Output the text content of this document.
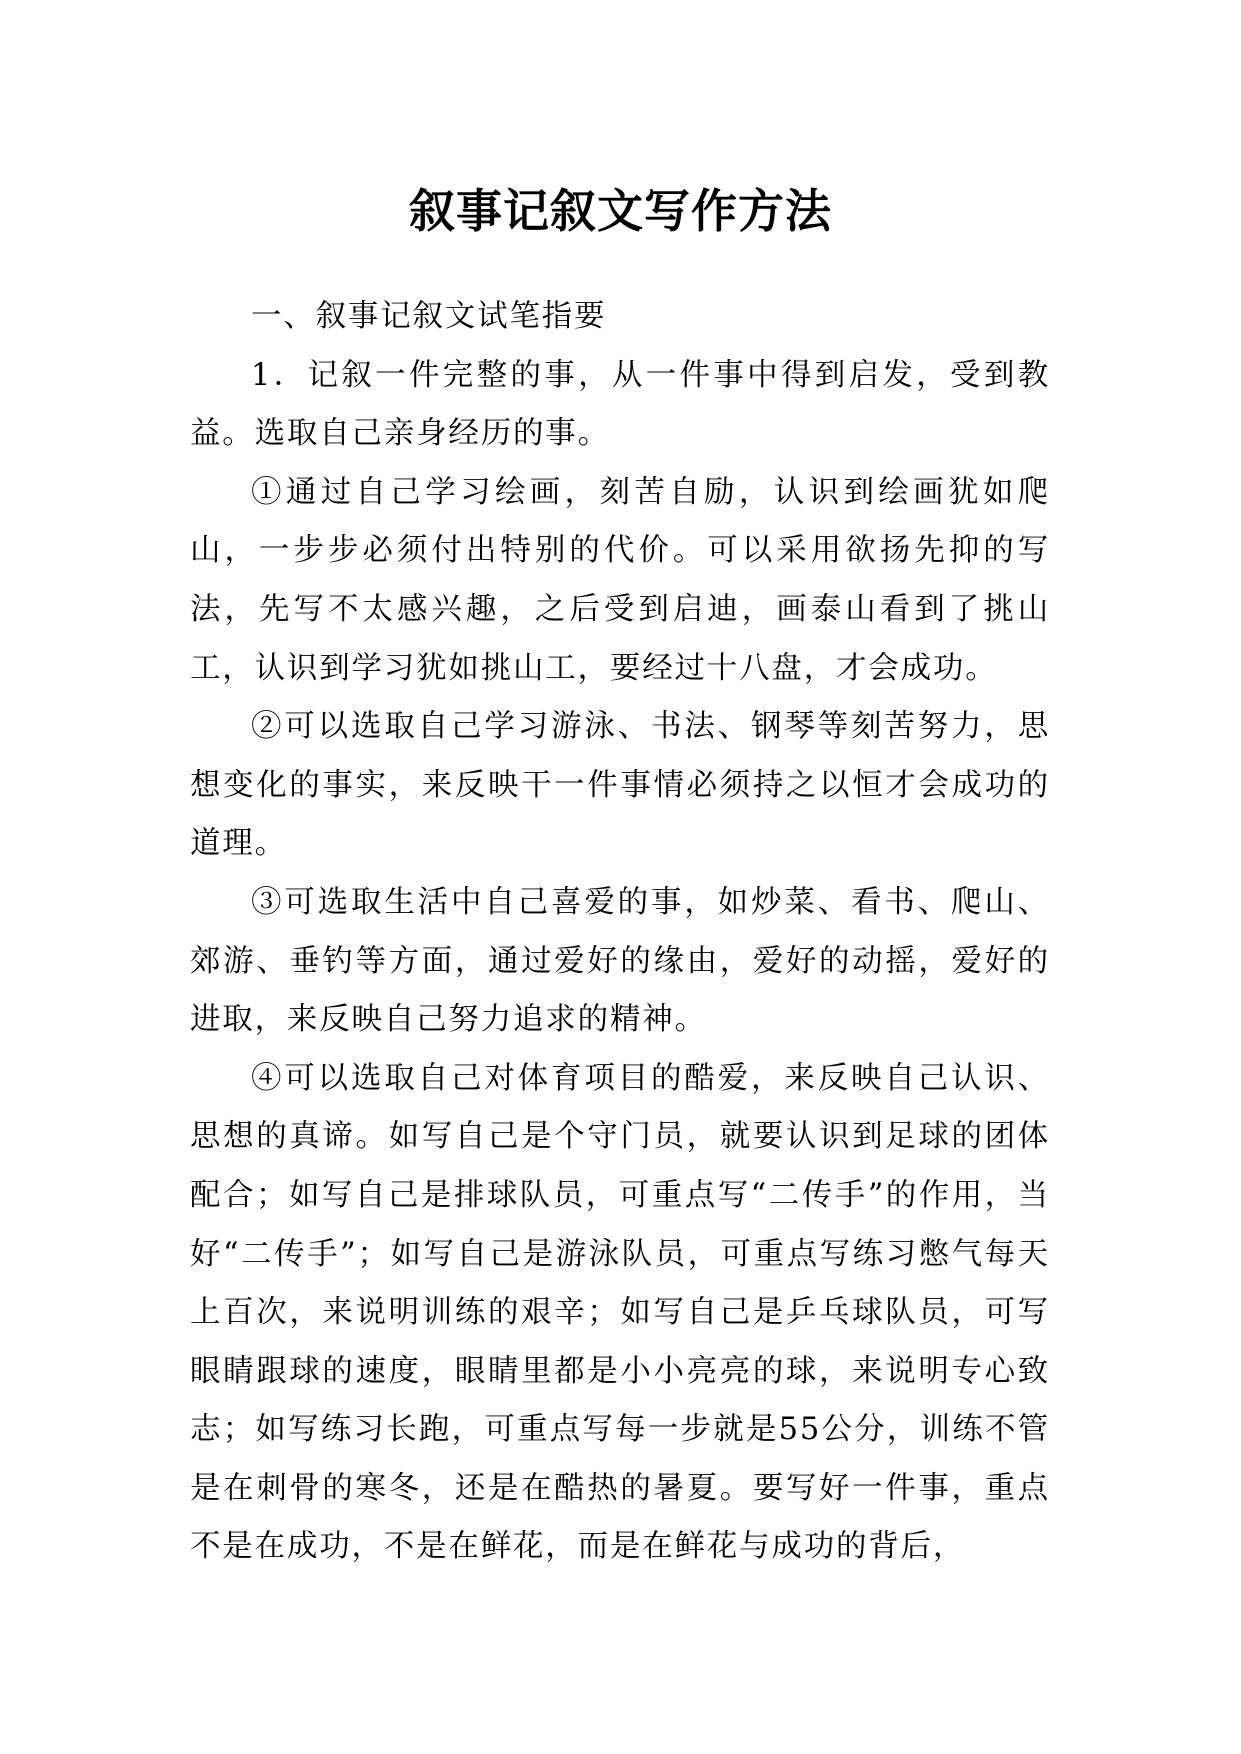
叙事记叙文写作方法

一、叙事记叙文试笔指要

1．记叙一件完整的事，从一件事中得到启发，受到教益。选取自己亲身经历的事。

①通过自己学习绘画，刻苦自励，认识到绘画犹如爬山，一步步必须付出特别的代价。可以采用欲扬先抑的写法，先写不太感兴趣，之后受到启迪，画泰山看到了挑山工，认识到学习犹如挑山工，要经过十八盘，才会成功。

②可以选取自己学习游泳、书法、钢琴等刻苦努力，思想变化的事实，来反映干一件事情必须持之以恒才会成功的道理。

③可选取生活中自己喜爱的事，如炒菜、看书、爬山、郊游、垂钓等方面，通过爱好的缘由，爱好的动摇，爱好的进取，来反映自己努力追求的精神。

④可以选取自己对体育项目的酷爱，来反映自己认识、思想的真谛。如写自己是个守门员，就要认识到足球的团体配合；如写自己是排球队员，可重点写“二传手”的作用，当好“二传手”；如写自己是游泳队员，可重点写练习憋气每天上百次，来说明训练的艰辛；如写自己是乒乓球队员，可写眼睛跟球的速度，眼睛里都是小小亮亮的球，来说明专心致志；如写练习长跑，可重点写每一步就是55公分，训练不管是在刺骨的寒冬，还是在酷热的暑夏。要写好一件事，重点不是在成功，不是在鲜花，而是在鲜花与成功的背后，
